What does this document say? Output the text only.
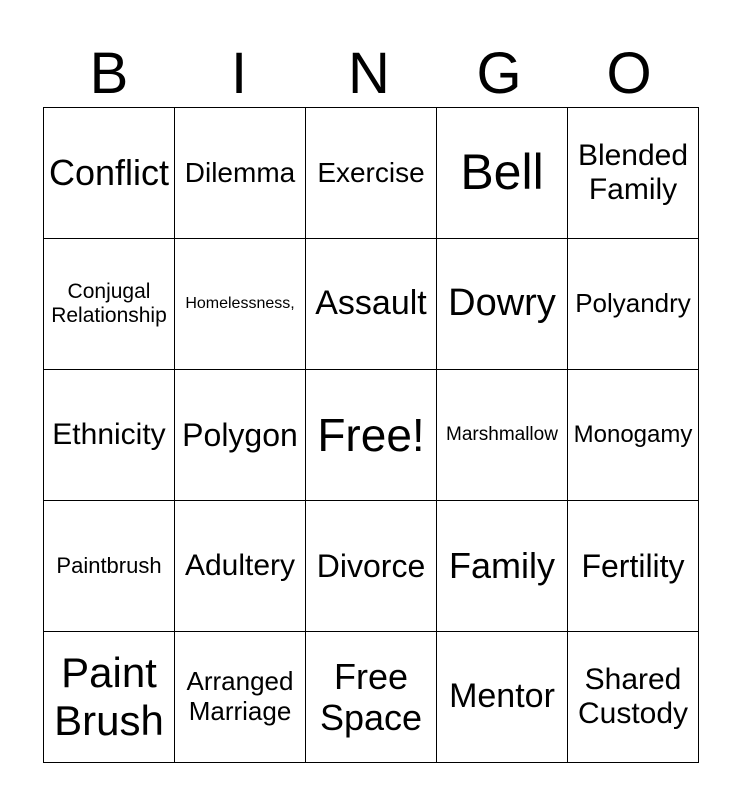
B	I	N	G	O
Conflict	Dilemma	Exercise	Bell	Blended Family
Conjugal Relationship	Homelessness,	Assault	Dowry	Polyandry
Ethnicity	Polygon	Free!	Marshmallow	Monogamy
Paintbrush	Adultery	Divorce	Family	Fertility
Paint Brush	Arranged Marriage	Free Space	Mentor	Shared Custody
